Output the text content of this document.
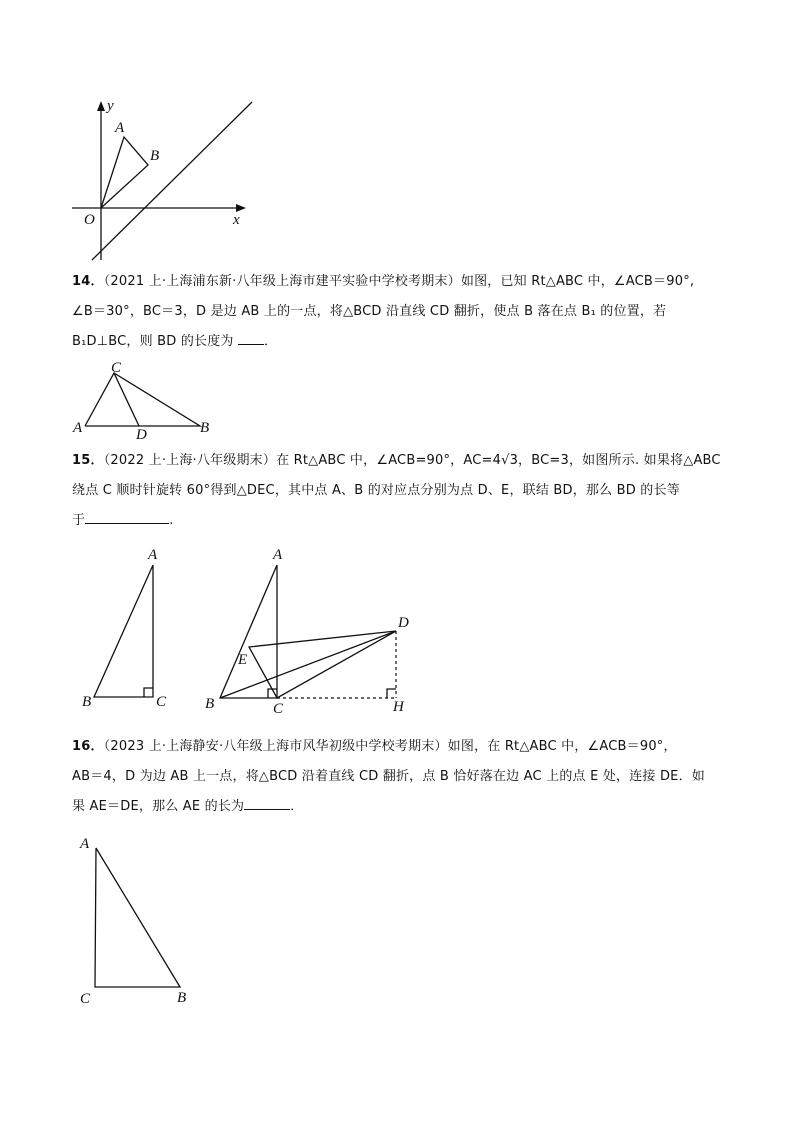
y
x
O
A
B
14．（2021 上·上海浦东新·八年级上海市建平实验中学校考期末）如图，已知 Rt△ABC 中，∠ACB＝90°,
∠B＝30°，BC＝3，D 是边 AB 上的一点，将△BCD 沿直线 CD 翻折，使点 B 落在点 B₁ 的位置，若
B₁D⊥BC，则 BD 的长度为 ．
C
A	D	B
15．（2022 上·上海·八年级期末）在 Rt△ABC 中，∠ACB=90°，AC=4√3，BC=3，如图所示. 如果将△ABC
绕点 C 顺时针旋转 60°得到△DEC，其中点 A、B 的对应点分别为点 D、E，联结 BD，那么 BD 的长等
于	.
A
B	C
A
D
E
B	C	H
16．（2023 上·上海静安·八年级上海市风华初级中学校考期末）如图，在 Rt△ABC 中，∠ACB＝90°，
AB＝4，D 为边 AB 上一点，将△BCD 沿着直线 CD 翻折，点 B 恰好落在边 AC 上的点 E 处，连接 DE．如
果 AE＝DE，那么 AE 的长为	．
A
C	B
